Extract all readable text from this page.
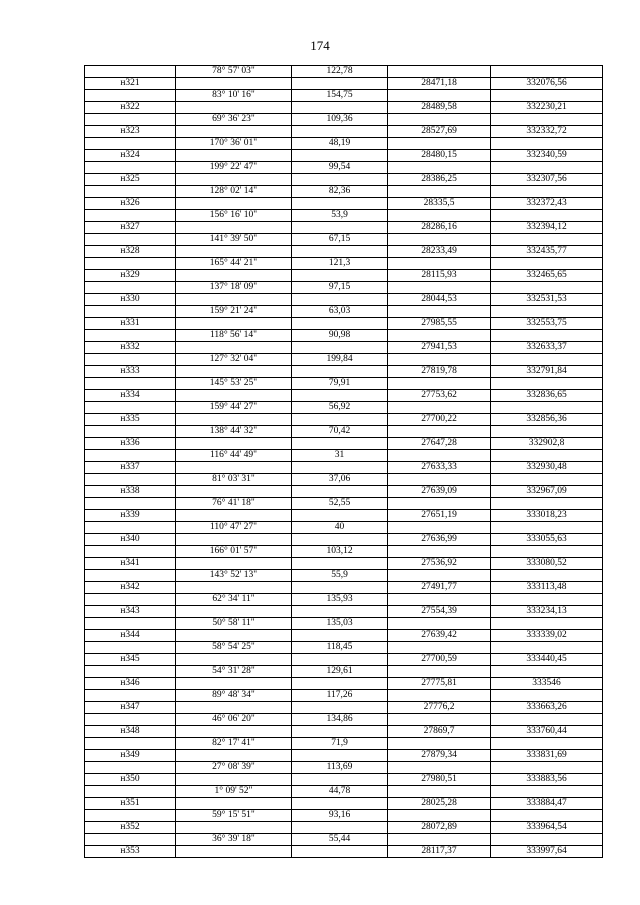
174
	78° 57' 03"	122,78		
н321			28471,18	332076,56
	83° 10' 16"	154,75		
н322			28489,58	332230,21
	69° 36' 23"	109,36		
н323			28527,69	332332,72
	170° 36' 01"	48,19		
н324			28480,15	332340,59
	199° 22' 47"	99,54		
н325			28386,25	332307,56
	128° 02' 14"	82,36		
н326			28335,5	332372,43
	156° 16' 10"	53,9		
н327			28286,16	332394,12
	141° 39' 50"	67,15		
н328			28233,49	332435,77
	165° 44' 21"	121,3		
н329			28115,93	332465,65
	137° 18' 09"	97,15		
н330			28044,53	332531,53
	159° 21' 24"	63,03		
н331			27985,55	332553,75
	118° 56' 14"	90,98		
н332			27941,53	332633,37
	127° 32' 04"	199,84		
н333			27819,78	332791,84
	145° 53' 25"	79,91		
н334			27753,62	332836,65
	159° 44' 27"	56,92		
н335			27700,22	332856,36
	138° 44' 32"	70,42		
н336			27647,28	332902,8
	116° 44' 49"	31		
н337			27633,33	332930,48
	81° 03' 31"	37,06		
н338			27639,09	332967,09
	76° 41' 18"	52,55		
н339			27651,19	333018,23
	110° 47' 27"	40		
н340			27636,99	333055,63
	166° 01' 57"	103,12		
н341			27536,92	333080,52
	143° 52' 13"	55,9		
н342			27491,77	333113,48
	62° 34' 11"	135,93		
н343			27554,39	333234,13
	50° 58' 11"	135,03		
н344			27639,42	333339,02
	58° 54' 25"	118,45		
н345			27700,59	333440,45
	54° 31' 28"	129,61		
н346			27775,81	333546
	89° 48' 34"	117,26		
н347			27776,2	333663,26
	46° 06' 20"	134,86		
н348			27869,7	333760,44
	82° 17' 41"	71,9		
н349			27879,34	333831,69
	27° 08' 39"	113,69		
н350			27980,51	333883,56
	1° 09' 52"	44,78		
н351			28025,28	333884,47
	59° 15' 51"	93,16		
н352			28072,89	333964,54
	36° 39' 18"	55,44		
н353			28117,37	333997,64
